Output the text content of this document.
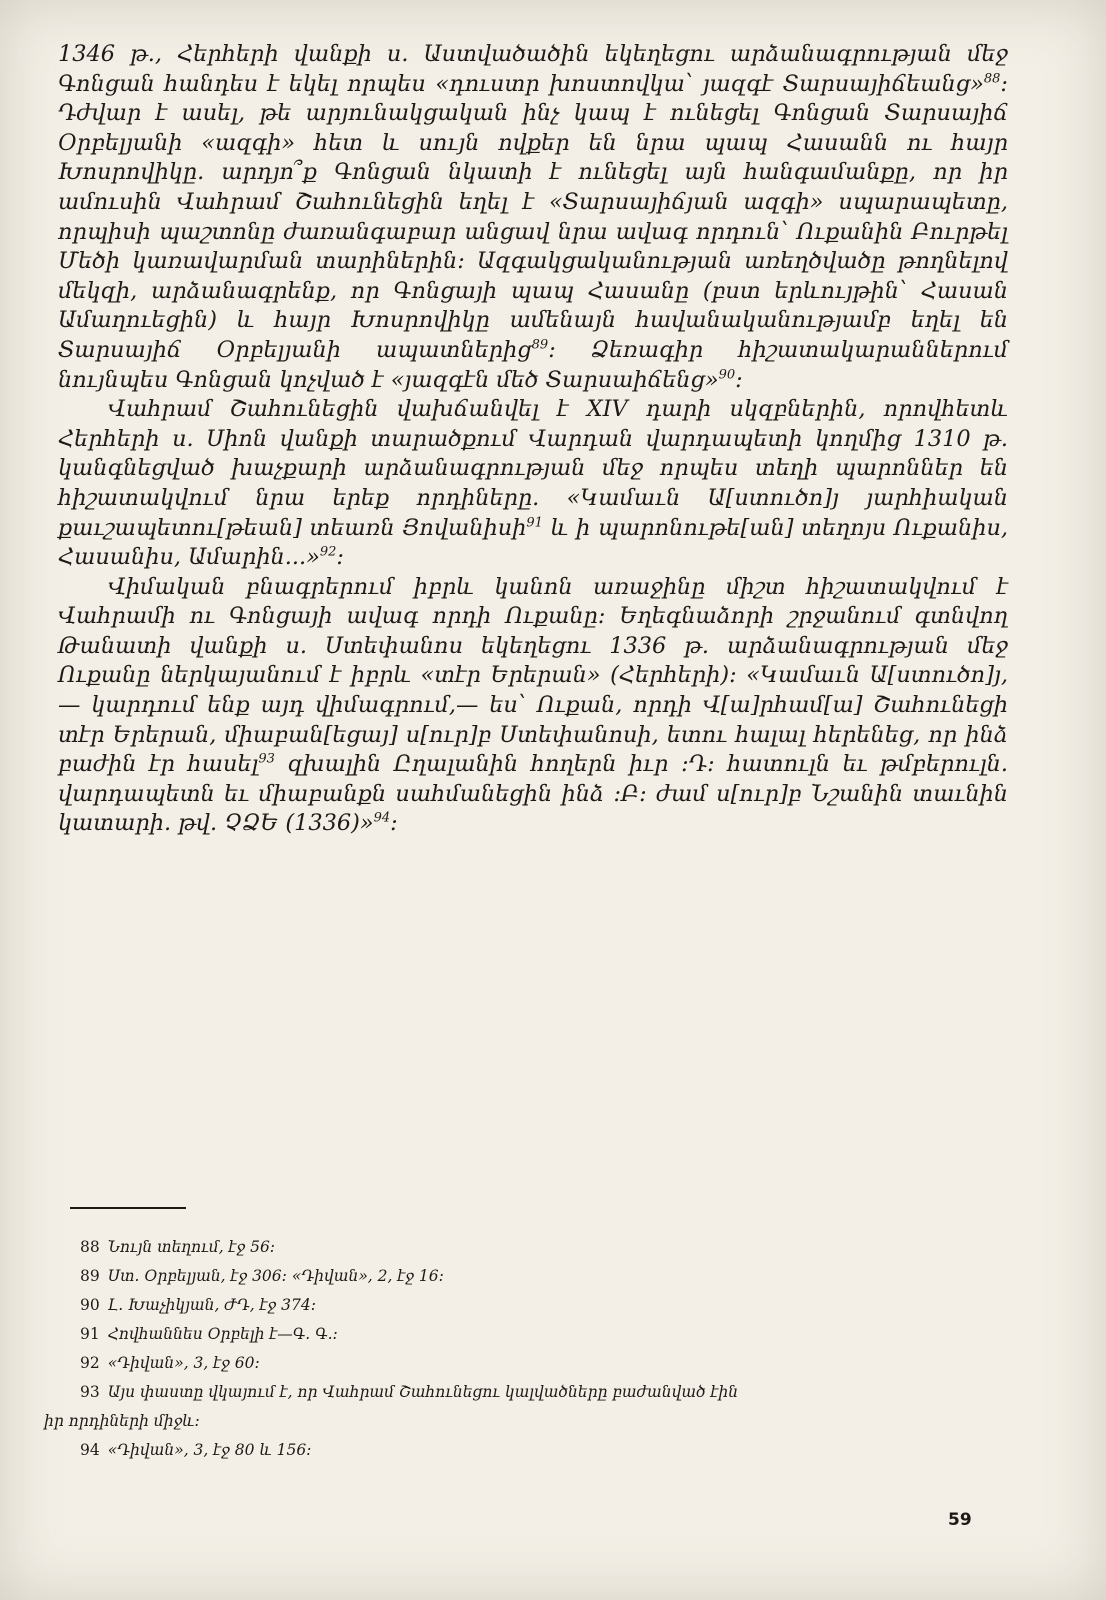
1346 թ., Հերհերի վանքի ս. Աստվածածին եկեղեցու արձանագրության մեջ Գոնցան հանդես է եկել որպես «դուստր խոստովկա՝ յազգէ Տարսայիճեանց»$^{88}$։ Դժվար է ասել, թե արյունակցական ինչ կապ է ունեցել Գոնցան Տարսայիճ Օրբելյանի «ազգի» հետ և սույն ովքեր են նրա պապ Հասանն ու հայր Խոսրովիկը. արդյո՞ք Գոնցան նկատի է ունեցել այն հանգամանքը, որ իր ամուսին Վահրամ Շահունեցին եղել է «Տարսայիճյան ազգի» սպարապետը, որպիսի պաշտոնը ժառանգաբար անցավ նրա ավագ որդուն՝ Ուքանին Բուրթել Մեծի կառավարման տարիներին։ Ազգակցականության առեղծվածը թողնելով մեկզի, արձանագրենք, որ Գոնցայի պապ Հասանը (բստ երևույթին՝ Հասան Ամաղուեցին) և հայր Խոսրովիկը ամենայն հավանականությամբ եղել են Տարսայիճ Օրբելյանի ապատներից$^{89}$։ Ձեռագիր հիշատակարաններում նույնպես Գոնցան կոչված է «յազգէն մեծ Տարսաիճենց»$^{90}$։

Վահրամ Շահունեցին վախճանվել է XIV դարի սկզբներին, որովհետև Հերհերի ս. Սիոն վանքի տարածքում Վարդան վարդապետի կողմից 1310 թ. կանգնեցված խաչքարի արձանագրության մեջ որպես տեղի պարոններ են հիշատակվում նրա երեք որդիները. «Կամաւն Ա[ստուծո]յ յարհիական քաւշապետու[թեան] տեառն Յովանիսի$^{91}$ և ի պարոնութե[ան] տեղոյս Ուքանիս, Հասանիս, Ամարին...»$^{92}$։

Վիմական բնագրերում իբրև կանոն առաջինը միշտ հիշատակվում է Վահրամի ու Գոնցայի ավագ որդի Ուքանը։ Եղեգնաձորի շրջանում գտնվող Թանատի վանքի ս. Ստեփանոս եկեղեցու 1336 թ. արձանագրության մեջ Ուքանը ներկայանում է իբրև «տէր Երերան» (Հերհերի)։ «Կամաւն Ա[ստուծո]յ,— կարդում ենք այդ վիմագրում,— ես՝ Ուքան, որդի Վ[ա]րհամ[ա] Շահունեցի տէր Երերան, միաբան[եցայ] ս[ուր]բ Ստեփանոսի, ետու հալալ հերենեց, որ ինձ բաժին էր հասել$^{93}$ զխալին Ըղալանին հողերն իւր :Դ: հատուլն եւ թմբերուլն. վարդապետն եւ միաբանքն սահմանեցին ինձ :Բ: ժամ ս[ուր]բ Նշանին տաւնին կատարի. թվ. ՉՁԵ (1336)»$^{94}$։

88 Նույն տեղում, էջ 56։
89 Ստ. Օրբելյան, էջ 306։ «Դիվան», 2, էջ 16։
90 Լ. Խաչիկյան, ԺԴ, էջ 374։
91 Հովհաննես Օրբելի է—Գ. Գ.։
92 «Դիվան», 3, էջ 60։
93 Այս փաստը վկայում է, որ Վահրամ Շահունեցու կալվածները բաժանված էին
իր որդիների միջև։
94 «Դիվան», 3, էջ 80 և 156։
59
